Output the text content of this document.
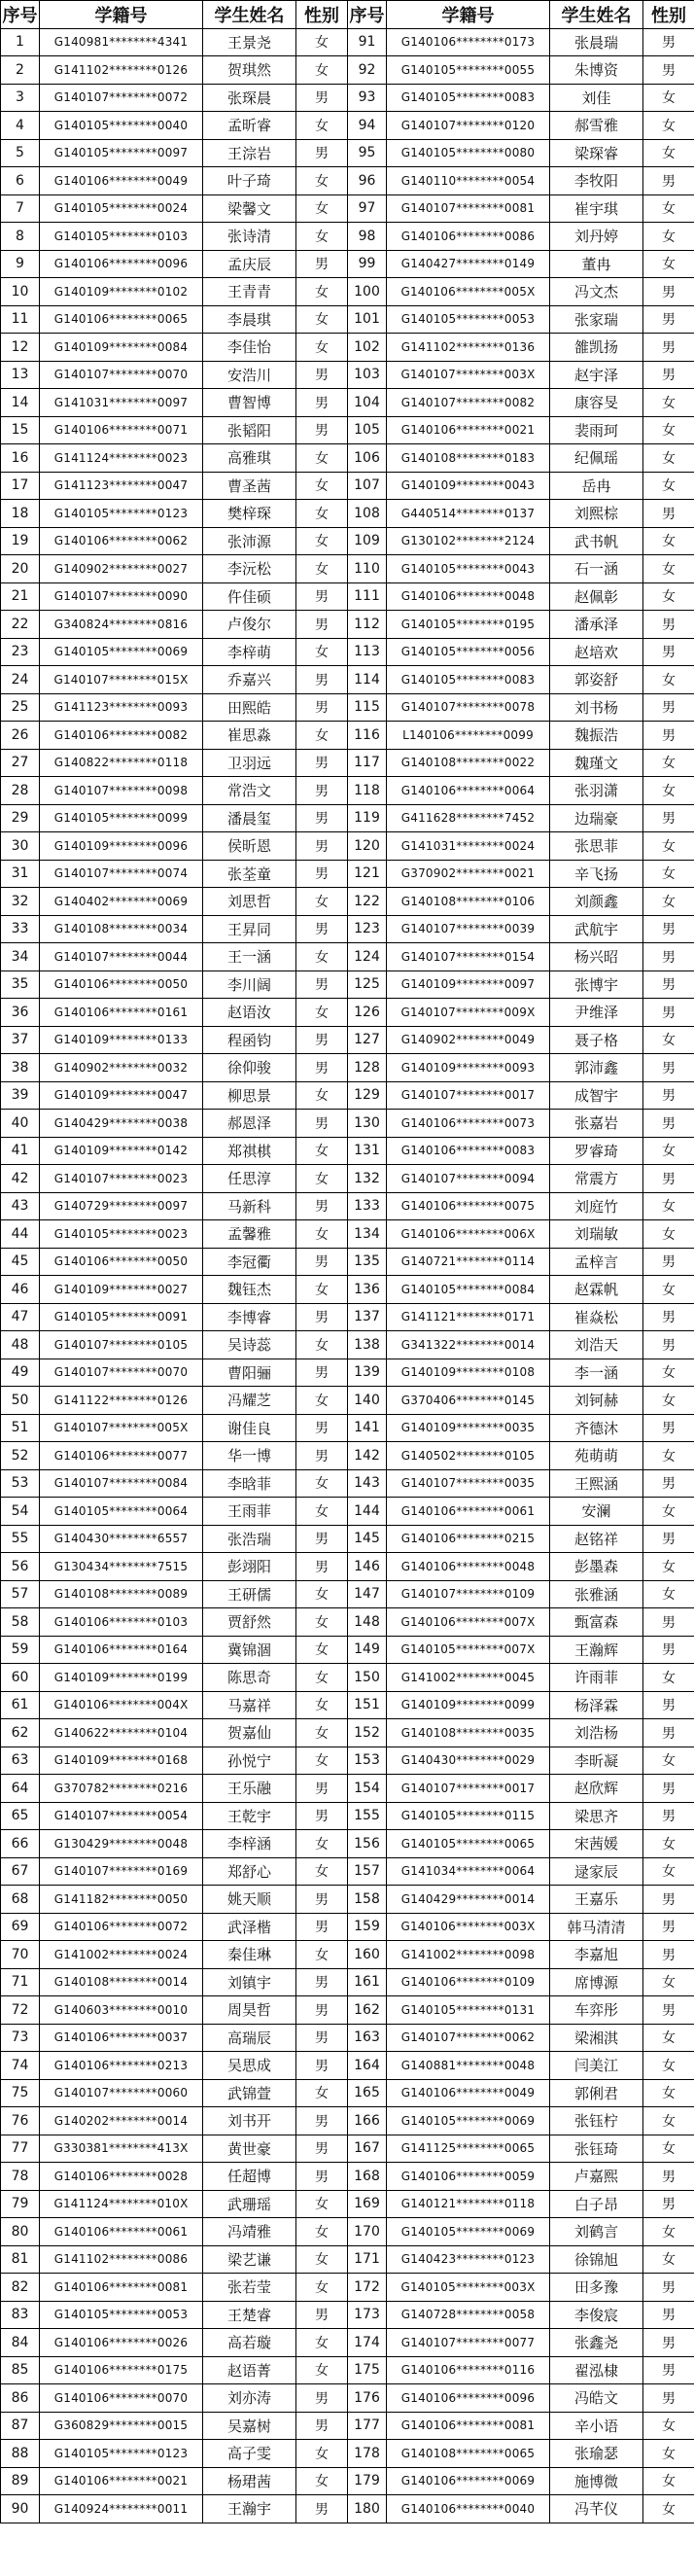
序号	学籍号	学生姓名	性别	序号	学籍号	学生姓名	性别
1	G140981********4341	王景尧	女	91	G140106********0173	张晨瑞	男
2	G141102********0126	贺琪然	女	92	G140105********0055	朱博资	男
3	G140107********0072	张琛晨	男	93	G140105********0083	刘佳	女
4	G140105********0040	孟昕睿	女	94	G140107********0120	郝雪雅	女
5	G140105********0097	王淙岩	男	95	G140105********0080	梁琛睿	女
6	G140106********0049	叶子琦	女	96	G140110********0054	李牧阳	男
7	G140105********0024	梁馨文	女	97	G140107********0081	崔宇琪	女
8	G140105********0103	张诗清	女	98	G140106********0086	刘丹婷	女
9	G140106********0096	孟庆辰	男	99	G140427********0149	董冉	女
10	G140109********0102	王青青	女	100	G140106********005X	冯文杰	男
11	G140106********0065	李晨琪	女	101	G140105********0053	张家瑞	男
12	G140109********0084	李佳怡	女	102	G141102********0136	雒凯扬	男
13	G140107********0070	安浩川	男	103	G140107********003X	赵宇泽	男
14	G141031********0097	曹智博	男	104	G140107********0082	康容旻	女
15	G140106********0071	张韬阳	男	105	G140106********0021	裴雨珂	女
16	G141124********0023	高雅琪	女	106	G140108********0183	纪佩瑶	女
17	G141123********0047	曹圣茜	女	107	G140109********0043	岳冉	女
18	G140105********0123	樊梓琛	女	108	G440514********0137	刘熙棕	男
19	G140106********0062	张沛源	女	109	G130102********2124	武书帆	女
20	G140902********0027	李沅松	女	110	G140105********0043	石一涵	女
21	G140107********0090	仵佳硕	男	111	G140106********0048	赵佩彰	女
22	G340824********0816	卢俊尔	男	112	G140105********0195	潘承泽	男
23	G140105********0069	李梓萌	女	113	G140105********0056	赵培欢	男
24	G140107********015X	乔嘉兴	男	114	G140105********0083	郭姿舒	女
25	G141123********0093	田熙皓	男	115	G140107********0078	刘书杨	男
26	G140106********0082	崔思淼	女	116	L140106********0099	魏振浩	男
27	G140822********0118	卫羽远	男	117	G140108********0022	魏瑾文	女
28	G140107********0098	常浩文	男	118	G140106********0064	张羽潇	女
29	G140105********0099	潘晨玺	男	119	G411628********7452	边瑞豪	男
30	G140109********0096	侯昕恩	男	120	G141031********0024	张思菲	女
31	G140107********0074	张荃童	男	121	G370902********0021	辛飞扬	女
32	G140402********0069	刘思哲	女	122	G140108********0106	刘颜鑫	女
33	G140108********0034	王昇同	男	123	G140107********0039	武航宇	男
34	G140107********0044	王一涵	女	124	G140107********0154	杨兴昭	男
35	G140106********0050	李川阔	男	125	G140109********0097	张博宇	男
36	G140106********0161	赵语汝	女	126	G140107********009X	尹维泽	男
37	G140109********0133	程函钧	男	127	G140902********0049	聂子格	女
38	G140902********0032	徐仰骏	男	128	G140109********0093	郭沛鑫	男
39	G140109********0047	柳思景	女	129	G140107********0017	成智宇	男
40	G140429********0038	郝恩泽	男	130	G140106********0073	张嘉岩	男
41	G140109********0142	郑祺棋	女	131	G140106********0083	罗睿琦	女
42	G140107********0023	任思淳	女	132	G140107********0094	常震方	男
43	G140729********0097	马新科	男	133	G140106********0075	刘庭竹	女
44	G140105********0023	孟馨雅	女	134	G140106********006X	刘瑞敏	女
45	G140106********0050	李冠衢	男	135	G140721********0114	孟梓言	男
46	G140109********0027	魏钰杰	女	136	G140105********0084	赵霖帆	女
47	G140105********0091	李博睿	男	137	G141121********0171	崔焱松	男
48	G140107********0105	吴诗蕊	女	138	G341322********0014	刘浩天	男
49	G140107********0070	曹阳骊	男	139	G140109********0108	李一涵	女
50	G141122********0126	冯耀芝	女	140	G370406********0145	刘钶赫	女
51	G140107********005X	谢佳良	男	141	G140109********0035	齐德沐	男
52	G140106********0077	华一博	男	142	G140502********0105	苑萌萌	女
53	G140107********0084	李晗菲	女	143	G140107********0035	王熙涵	男
54	G140105********0064	王雨菲	女	144	G140106********0061	安澜	女
55	G140430********6557	张浩瑞	男	145	G140106********0215	赵铭祥	男
56	G130434********7515	彭翊阳	男	146	G140106********0048	彭墨森	女
57	G140108********0089	王研儒	女	147	G140107********0109	张雅涵	女
58	G140106********0103	贾舒然	女	148	G140106********007X	甄富森	男
59	G140106********0164	冀锦涸	女	149	G140105********007X	王瀚辉	男
60	G140109********0199	陈思奇	女	150	G141002********0045	许雨菲	女
61	G140106********004X	马嘉祥	女	151	G140109********0099	杨泽霖	男
62	G140622********0104	贺嘉仙	女	152	G140108********0035	刘浩杨	男
63	G140109********0168	孙悦宁	女	153	G140430********0029	李昕凝	女
64	G370782********0216	王乐融	男	154	G140107********0017	赵欣辉	男
65	G140107********0054	王乾宇	男	155	G140105********0115	梁思齐	男
66	G130429********0048	李梓涵	女	156	G140105********0065	宋茜媛	女
67	G140107********0169	郑舒心	女	157	G141034********0064	逯家辰	女
68	G141182********0050	姚天顺	男	158	G140429********0014	王嘉乐	男
69	G140106********0072	武泽楷	男	159	G140106********003X	韩马清清	男
70	G141002********0024	秦佳琳	女	160	G141002********0098	李嘉旭	男
71	G140108********0014	刘镇宇	男	161	G140106********0109	席博源	女
72	G140603********0010	周昊哲	男	162	G140105********0131	车弈彤	男
73	G140106********0037	高瑞辰	男	163	G140107********0062	梁湘淇	女
74	G140106********0213	吴思成	男	164	G140881********0048	闫美江	女
75	G140107********0060	武锦萱	女	165	G140106********0049	郭俐君	女
76	G140202********0014	刘书开	男	166	G140105********0069	张钰柠	女
77	G330381********413X	黄世豪	男	167	G141125********0065	张钰琦	女
78	G140106********0028	任超博	男	168	G140106********0059	卢嘉熙	男
79	G141124********010X	武珊瑶	女	169	G140121********0118	白子昂	男
80	G140106********0061	冯靖雅	女	170	G140105********0069	刘鹤言	女
81	G141102********0086	梁艺谦	女	171	G140423********0123	徐锦旭	女
82	G140106********0081	张若莹	女	172	G140105********003X	田多豫	男
83	G140105********0053	王楚睿	男	173	G140728********0058	李俊宸	男
84	G140106********0026	高若璇	女	174	G140107********0077	张鑫尧	男
85	G140106********0175	赵语菁	女	175	G140106********0116	翟泓棣	男
86	G140106********0070	刘亦涛	男	176	G140106********0096	冯皓文	男
87	G360829********0015	吴嘉树	男	177	G140106********0081	辛小语	女
88	G140105********0123	高子雯	女	178	G140108********0065	张瑜瑟	女
89	G140106********0021	杨珺茜	女	179	G140106********0069	施博微	女
90	G140924********0011	王瀚宇	男	180	G140106********0040	冯芊仪	女
